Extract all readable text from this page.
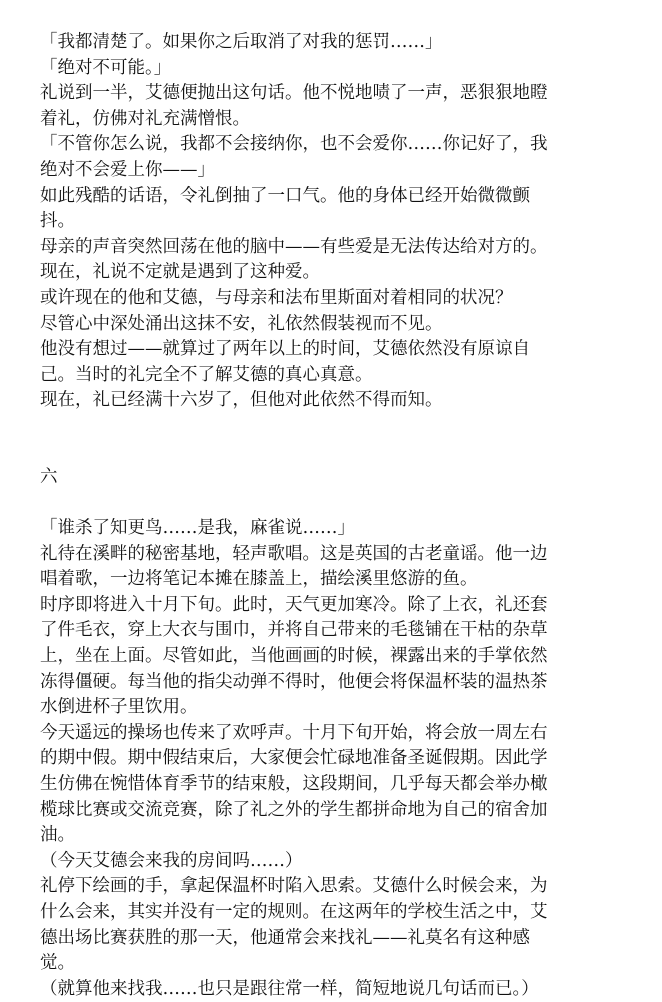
「我都清楚了。如果你之后取消了对我的惩罚……」
「绝对不可能。」
礼说到一半，艾德便抛出这句话。他不悦地啧了一声，恶狠狠地瞪
着礼，仿佛对礼充满憎恨。
「不管你怎么说，我都不会接纳你，也不会爱你……你记好了，我
绝对不会爱上你——」
如此残酷的话语，令礼倒抽了一口气。他的身体已经开始微微颤
抖。
母亲的声音突然回荡在他的脑中——有些爱是无法传达给对方的。
现在，礼说不定就是遇到了这种爱。
或许现在的他和艾德，与母亲和法布里斯面对着相同的状况？
尽管心中深处涌出这抹不安，礼依然假装视而不见。
他没有想过——就算过了两年以上的时间，艾德依然没有原谅自
己。当时的礼完全不了解艾德的真心真意。
现在，礼已经满十六岁了，但他对此依然不得而知。
六
「谁杀了知更鸟……是我，麻雀说……」
礼待在溪畔的秘密基地，轻声歌唱。这是英国的古老童谣。他一边
唱着歌，一边将笔记本摊在膝盖上，描绘溪里悠游的鱼。
时序即将进入十月下旬。此时，天气更加寒冷。除了上衣，礼还套
了件毛衣，穿上大衣与围巾，并将自己带来的毛毯铺在干枯的杂草
上，坐在上面。尽管如此，当他画画的时候，裸露出来的手掌依然
冻得僵硬。每当他的指尖动弹不得时，他便会将保温杯装的温热茶
水倒进杯子里饮用。
今天遥远的操场也传来了欢呼声。十月下旬开始，将会放一周左右
的期中假。期中假结束后，大家便会忙碌地准备圣诞假期。因此学
生仿佛在惋惜体育季节的结束般，这段期间，几乎每天都会举办橄
榄球比赛或交流竞赛，除了礼之外的学生都拼命地为自己的宿舍加
油。
（今天艾德会来我的房间吗……）
礼停下绘画的手，拿起保温杯时陷入思索。艾德什么时候会来，为
什么会来，其实并没有一定的规则。在这两年的学校生活之中，艾
德出场比赛获胜的那一天，他通常会来找礼——礼莫名有这种感
觉。
（就算他来找我……也只是跟往常一样，简短地说几句话而已。）
